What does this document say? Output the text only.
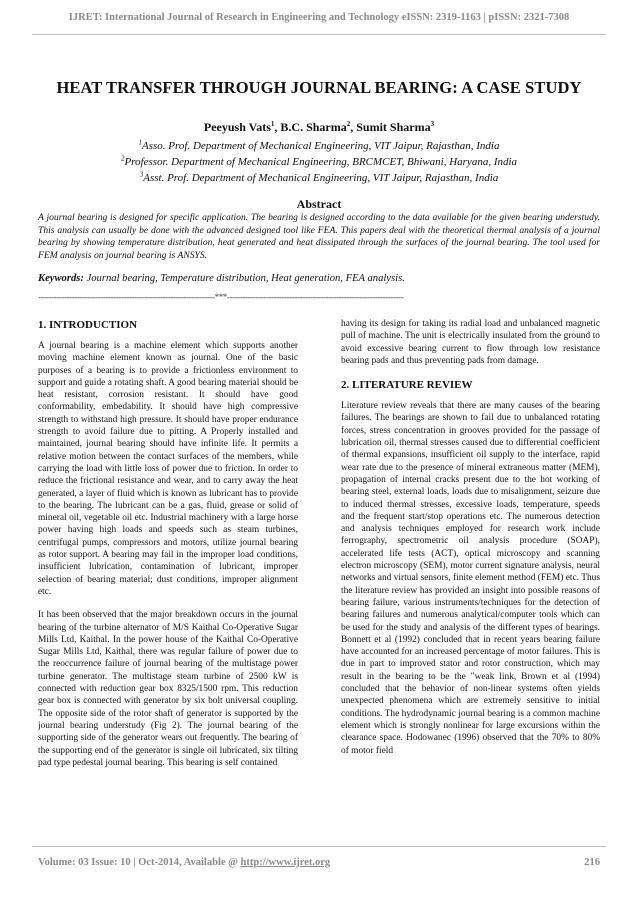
IJRET: International Journal of Research in Engineering and Technology eISSN: 2319-1163 | pISSN: 2321-7308
HEAT TRANSFER THROUGH JOURNAL BEARING: A CASE STUDY
Peeyush Vats$^1$, B.C. Sharma$^2$, Sumit Sharma$^3$
$^1$Asso. Prof. Department of Mechanical Engineering, VIT Jaipur, Rajasthan, India
$^2$Professor. Department of Mechanical Engineering, BRCMCET, Bhiwani, Haryana, India
$^3$Asst. Prof. Department of Mechanical Engineering, VIT Jaipur, Rajasthan, India
Abstract
A journal bearing is designed for specific application. The bearing is designed according to the data available for the given bearing understudy. This analysis can usually be done with the advanced designed tool like FEA. This papers deal with the theoretical thermal analysis of a journal bearing by showing temperature distribution, heat generated and heat dissipated through the surfaces of the journal bearing. The tool used for FEM analysis on journal bearing is ANSYS.
Keywords: Journal bearing, Temperature distribution, Heat generation, FEA analysis.
--------------------------------------------------------------------***--------------------------------------------------------------------
1. INTRODUCTION

A journal bearing is a machine element which supports another moving machine element known as journal. One of the basic purposes of a bearing is to provide a frictionless environment to support and guide a rotating shaft. A good bearing material should be heat resistant, corrosion resistant. It should have good conformability, embedability. It should have high compressive strength to withstand high pressure. It should have proper endurance strength to avoid failure due to pitting. A Properly installed and maintained, journal bearing should have infinite life. It permits a relative motion between the contact surfaces of the members, while carrying the load with little loss of power due to friction. In order to reduce the frictional resistance and wear, and to carry away the heat generated, a layer of fluid which is known as lubricant has to provide to the bearing. The lubricant can be a gas, fluid, grease or solid of mineral oil, vegetable oil etc. Industrial machinery with a large horse power having high loads and speeds such as steam turbines, centrifugal pumps, compressors and motors, utilize journal bearing as rotor support. A bearing may fail in the improper load conditions, insufficient lubrication, contamination of lubricant, improper selection of bearing material; dust conditions, improper alignment etc.

It has been observed that the major breakdown occurs in the journal bearing of the turbine alternator of M/S Kaithal Co-Operative Sugar Mills Ltd, Kaithal. In the power house of the Kaithal Co-Operative Sugar Mills Ltd, Kaithal, there was regular failure of power due to the reoccurrence failure of journal bearing of the multistage power turbine generator. The multistage steam turbine of 2500 kW is connected with reduction gear box 8325/1500 rpm. This reduction gear box is connected with generator by six bolt universal coupling. The opposite side of the rotor shaft of generator is supported by the journal bearing understudy (Fig 2). The journal bearing of the supporting side of the generator wears out frequently. The bearing of the supporting end of the generator is single oil lubricated, six tilting pad type pedestal journal bearing. This bearing is self contained

having its design for taking its radial load and unbalanced magnetic pull of machine. The unit is electrically insulated from the ground to avoid excessive bearing current to flow through low resistance bearing pads and thus preventing pads from damage.

2. LITERATURE REVIEW

Literature review reveals that there are many causes of the bearing failures. The bearings are shown to fail due to unbalanced rotating forces, stress concentration in grooves provided for the passage of lubrication oil, thermal stresses caused due to differential coefficient of thermal expansions, insufficient oil supply to the interface, rapid wear rate due to the presence of mineral extraneous matter (MEM), propagation of internal cracks present due to the hot working of bearing steel, external loads, loads due to misalignment, seizure due to induced thermal stresses, excessive loads, temperature, speeds and the frequent start/stop operations etc. The numerous detection and analysis techniques employed for research work include ferrography, spectrometric oil analysis procedure (SOAP), accelerated life tests (ACT), optical microscopy and scanning electron microscopy (SEM), motor current signature analysis, neural networks and virtual sensors, finite element method (FEM) etc. Thus the literature review has provided an insight into possible reasons of bearing failure, various instruments/techniques for the detection of bearing failures and numerous analytical/computer tools which can be used for the study and analysis of the different types of bearings. Bonnett et al (1992) concluded that in recent years bearing failure have accounted for an increased percentage of motor failures. This is due in part to improved stator and rotor construction, which may result in the bearing to be the "weak link, Brown et al (1994) concluded that the behavior of non-linear systems often yields unexpected phenomena which are extremely sensitive to initial conditions. The hydrodynamic journal bearing is a common machine element which is strongly nonlinear for large excursions within the clearance space. Hodowanec (1996) observed that the 70% to 80% of motor field

Volume: 03 Issue: 10 | Oct-2014, Available @ http://www.ijret.org	216
